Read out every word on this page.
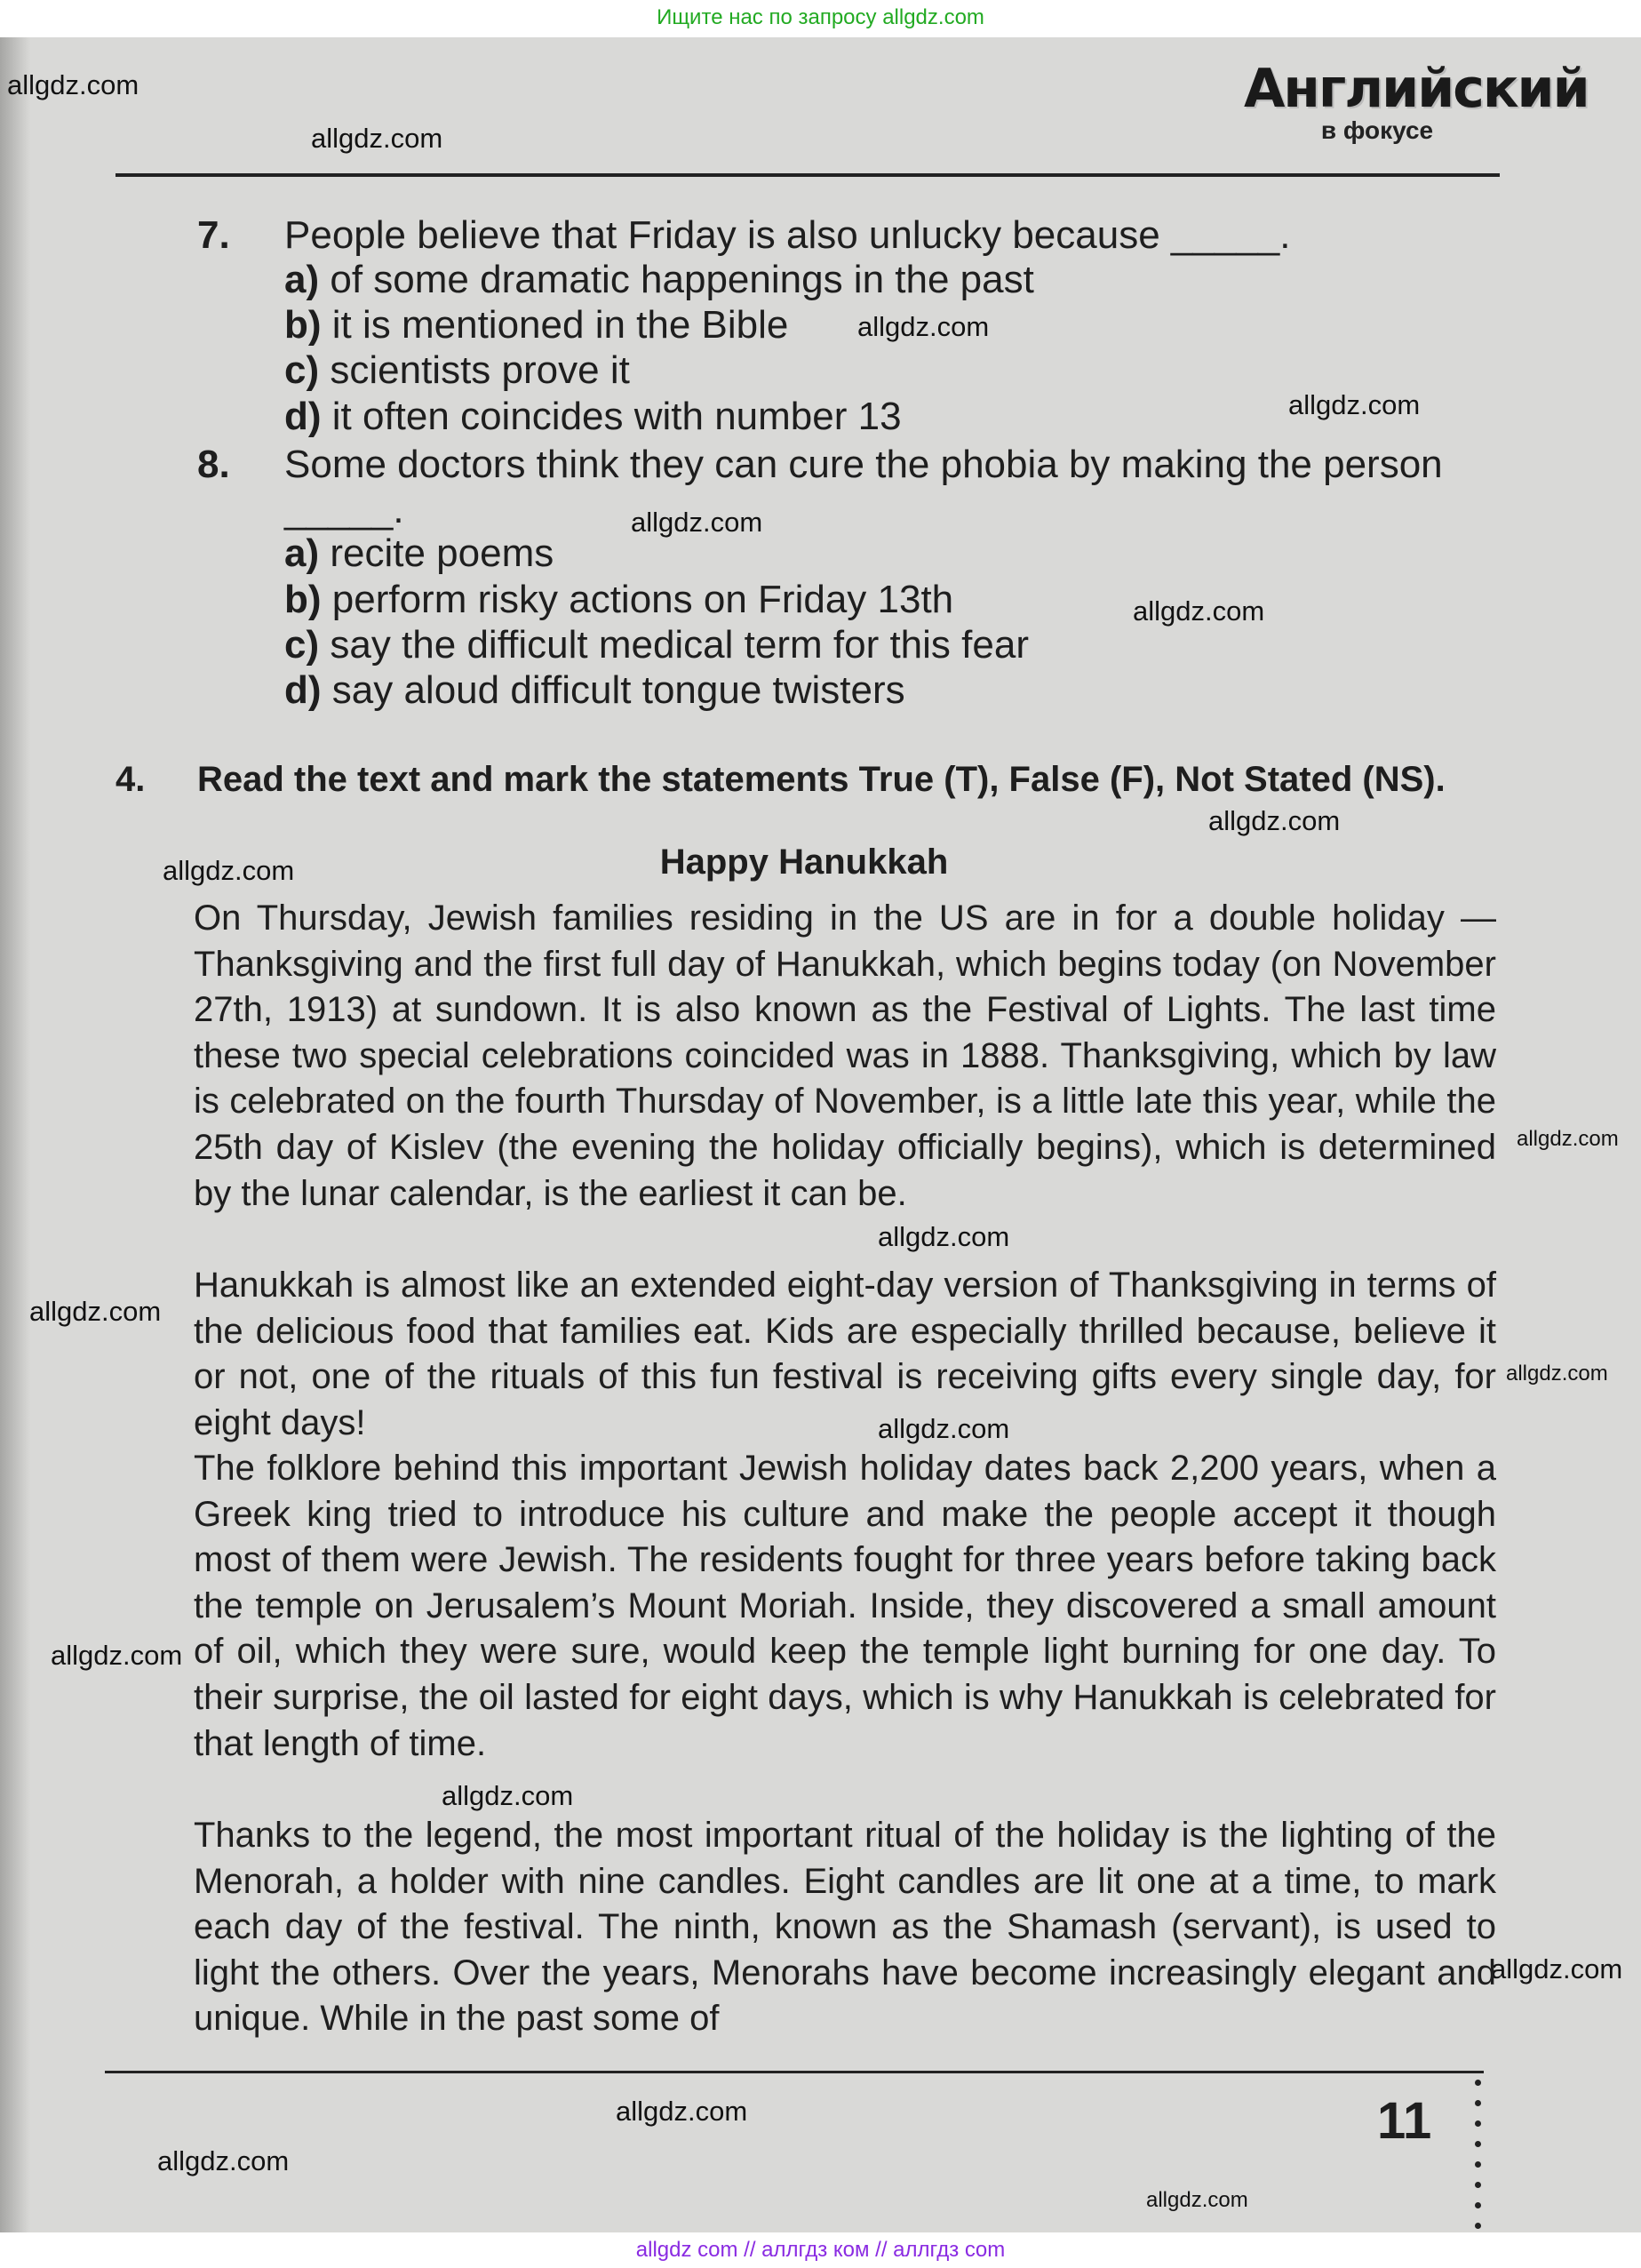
Ищите нас по запросу allgdz.com
allgdz.com
allgdz.com
allgdz.com
allgdz.com
allgdz.com
allgdz.com
allgdz.com
allgdz.com
allgdz.com
allgdz.com
allgdz.com
allgdz.com
allgdz.com
allgdz.com
allgdz.com
allgdz.com
allgdz.com
allgdz.com
allgdz.com
Английский
в фокусе
7. People believe that Friday is also unlucky because _____.
a) of some dramatic happenings in the past
b) it is mentioned in the Bible
c) scientists prove it
d) it often coincides with number 13
8. Some doctors think they can cure the phobia by making the person
_____.
a) recite poems
b) perform risky actions on Friday 13th
c) say the difficult medical term for this fear
d) say aloud difficult tongue twisters
4. Read the text and mark the statements True (T), False (F), Not Stated (NS).
Happy Hanukkah
On Thursday, Jewish families residing in the US are in for a double holiday — Thanksgiving and the first full day of Hanukkah, which begins today (on November 27th, 1913) at sundown. It is also known as the Festival of Lights. The last time these two special celebrations coincided was in 1888. Thanksgiving, which by law is celebrated on the fourth Thursday of November, is a little late this year, while the 25th day of Kislev (the evening the holiday officially begins), which is determined by the lunar calendar, is the earliest it can be.
Hanukkah is almost like an extended eight-day version of Thanksgiving in terms of the delicious food that families eat. Kids are especially thrilled because, believe it or not, one of the rituals of this fun festival is receiving gifts every single day, for eight days!
The folklore behind this important Jewish holiday dates back 2,200 years, when a Greek king tried to introduce his culture and make the people accept it though most of them were Jewish. The residents fought for three years before taking back the temple on Jerusalem’s Mount Moriah. Inside, they discovered a small amount of oil, which they were sure, would keep the temple light burning for one day. To their surprise, the oil lasted for eight days, which is why Hanukkah is celebrated for that length of time.
Thanks to the legend, the most important ritual of the holiday is the lighting of the Menorah, a holder with nine candles. Eight candles are lit one at a time, to mark each day of the festival. The ninth, known as the Shamash (servant), is used to light the others. Over the years, Menorahs have become increasingly elegant and unique. While in the past some of
11
allgdz com // аллгдз ком // аллгдз com
